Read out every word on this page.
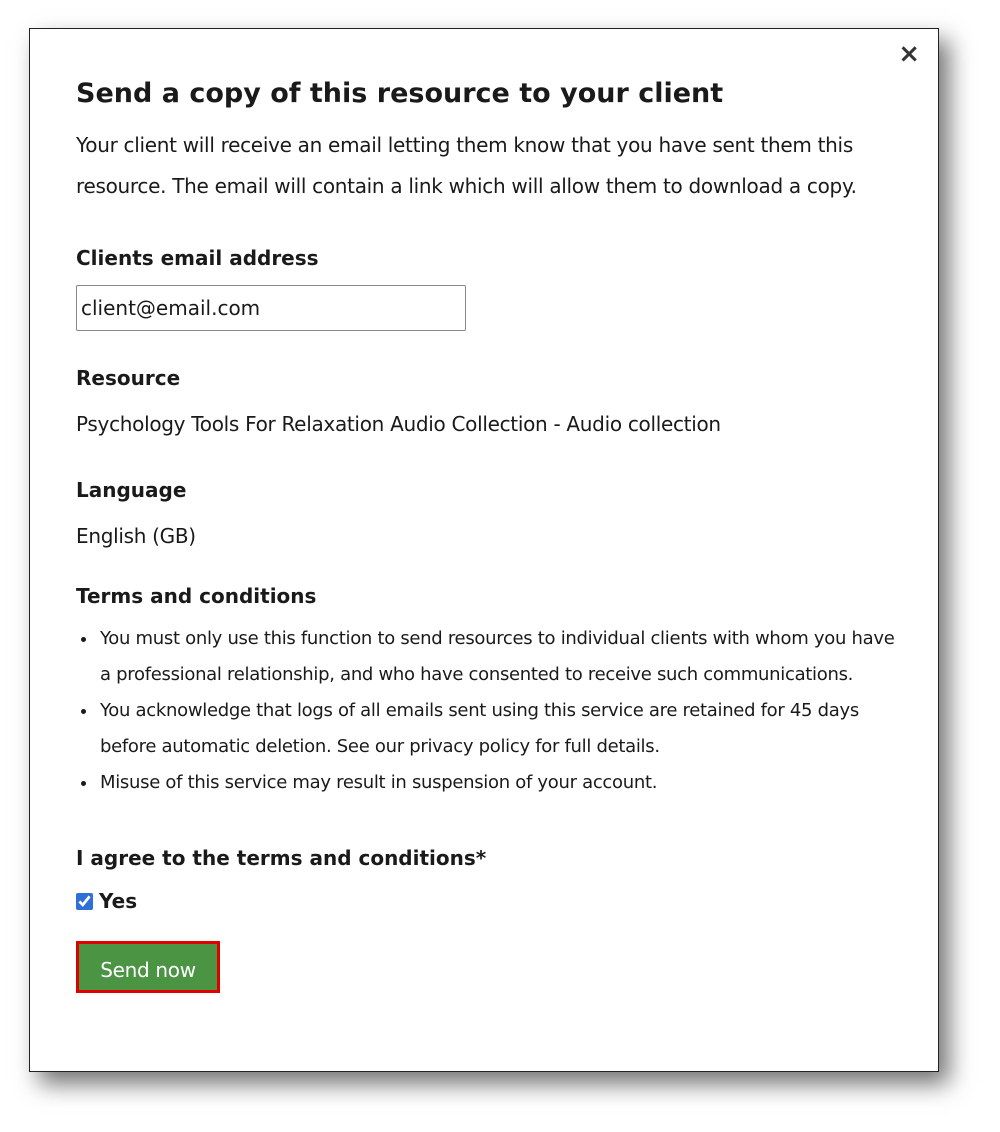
×
Send a copy of this resource to your client

Your client will receive an email letting them know that you have sent them this resource. The email will contain a link which will allow them to download a copy.

Clients email address

client@email.com

Resource

Psychology Tools For Relaxation Audio Collection - Audio collection

Language

English (GB)

Terms and conditions

• You must only use this function to send resources to individual clients with whom you have a professional relationship, and who have consented to receive such communications.
• You acknowledge that logs of all emails sent using this service are retained for 45 days before automatic deletion. See our privacy policy for full details.
• Misuse of this service may result in suspension of your account.

I agree to the terms and conditions*

Yes
Send now
